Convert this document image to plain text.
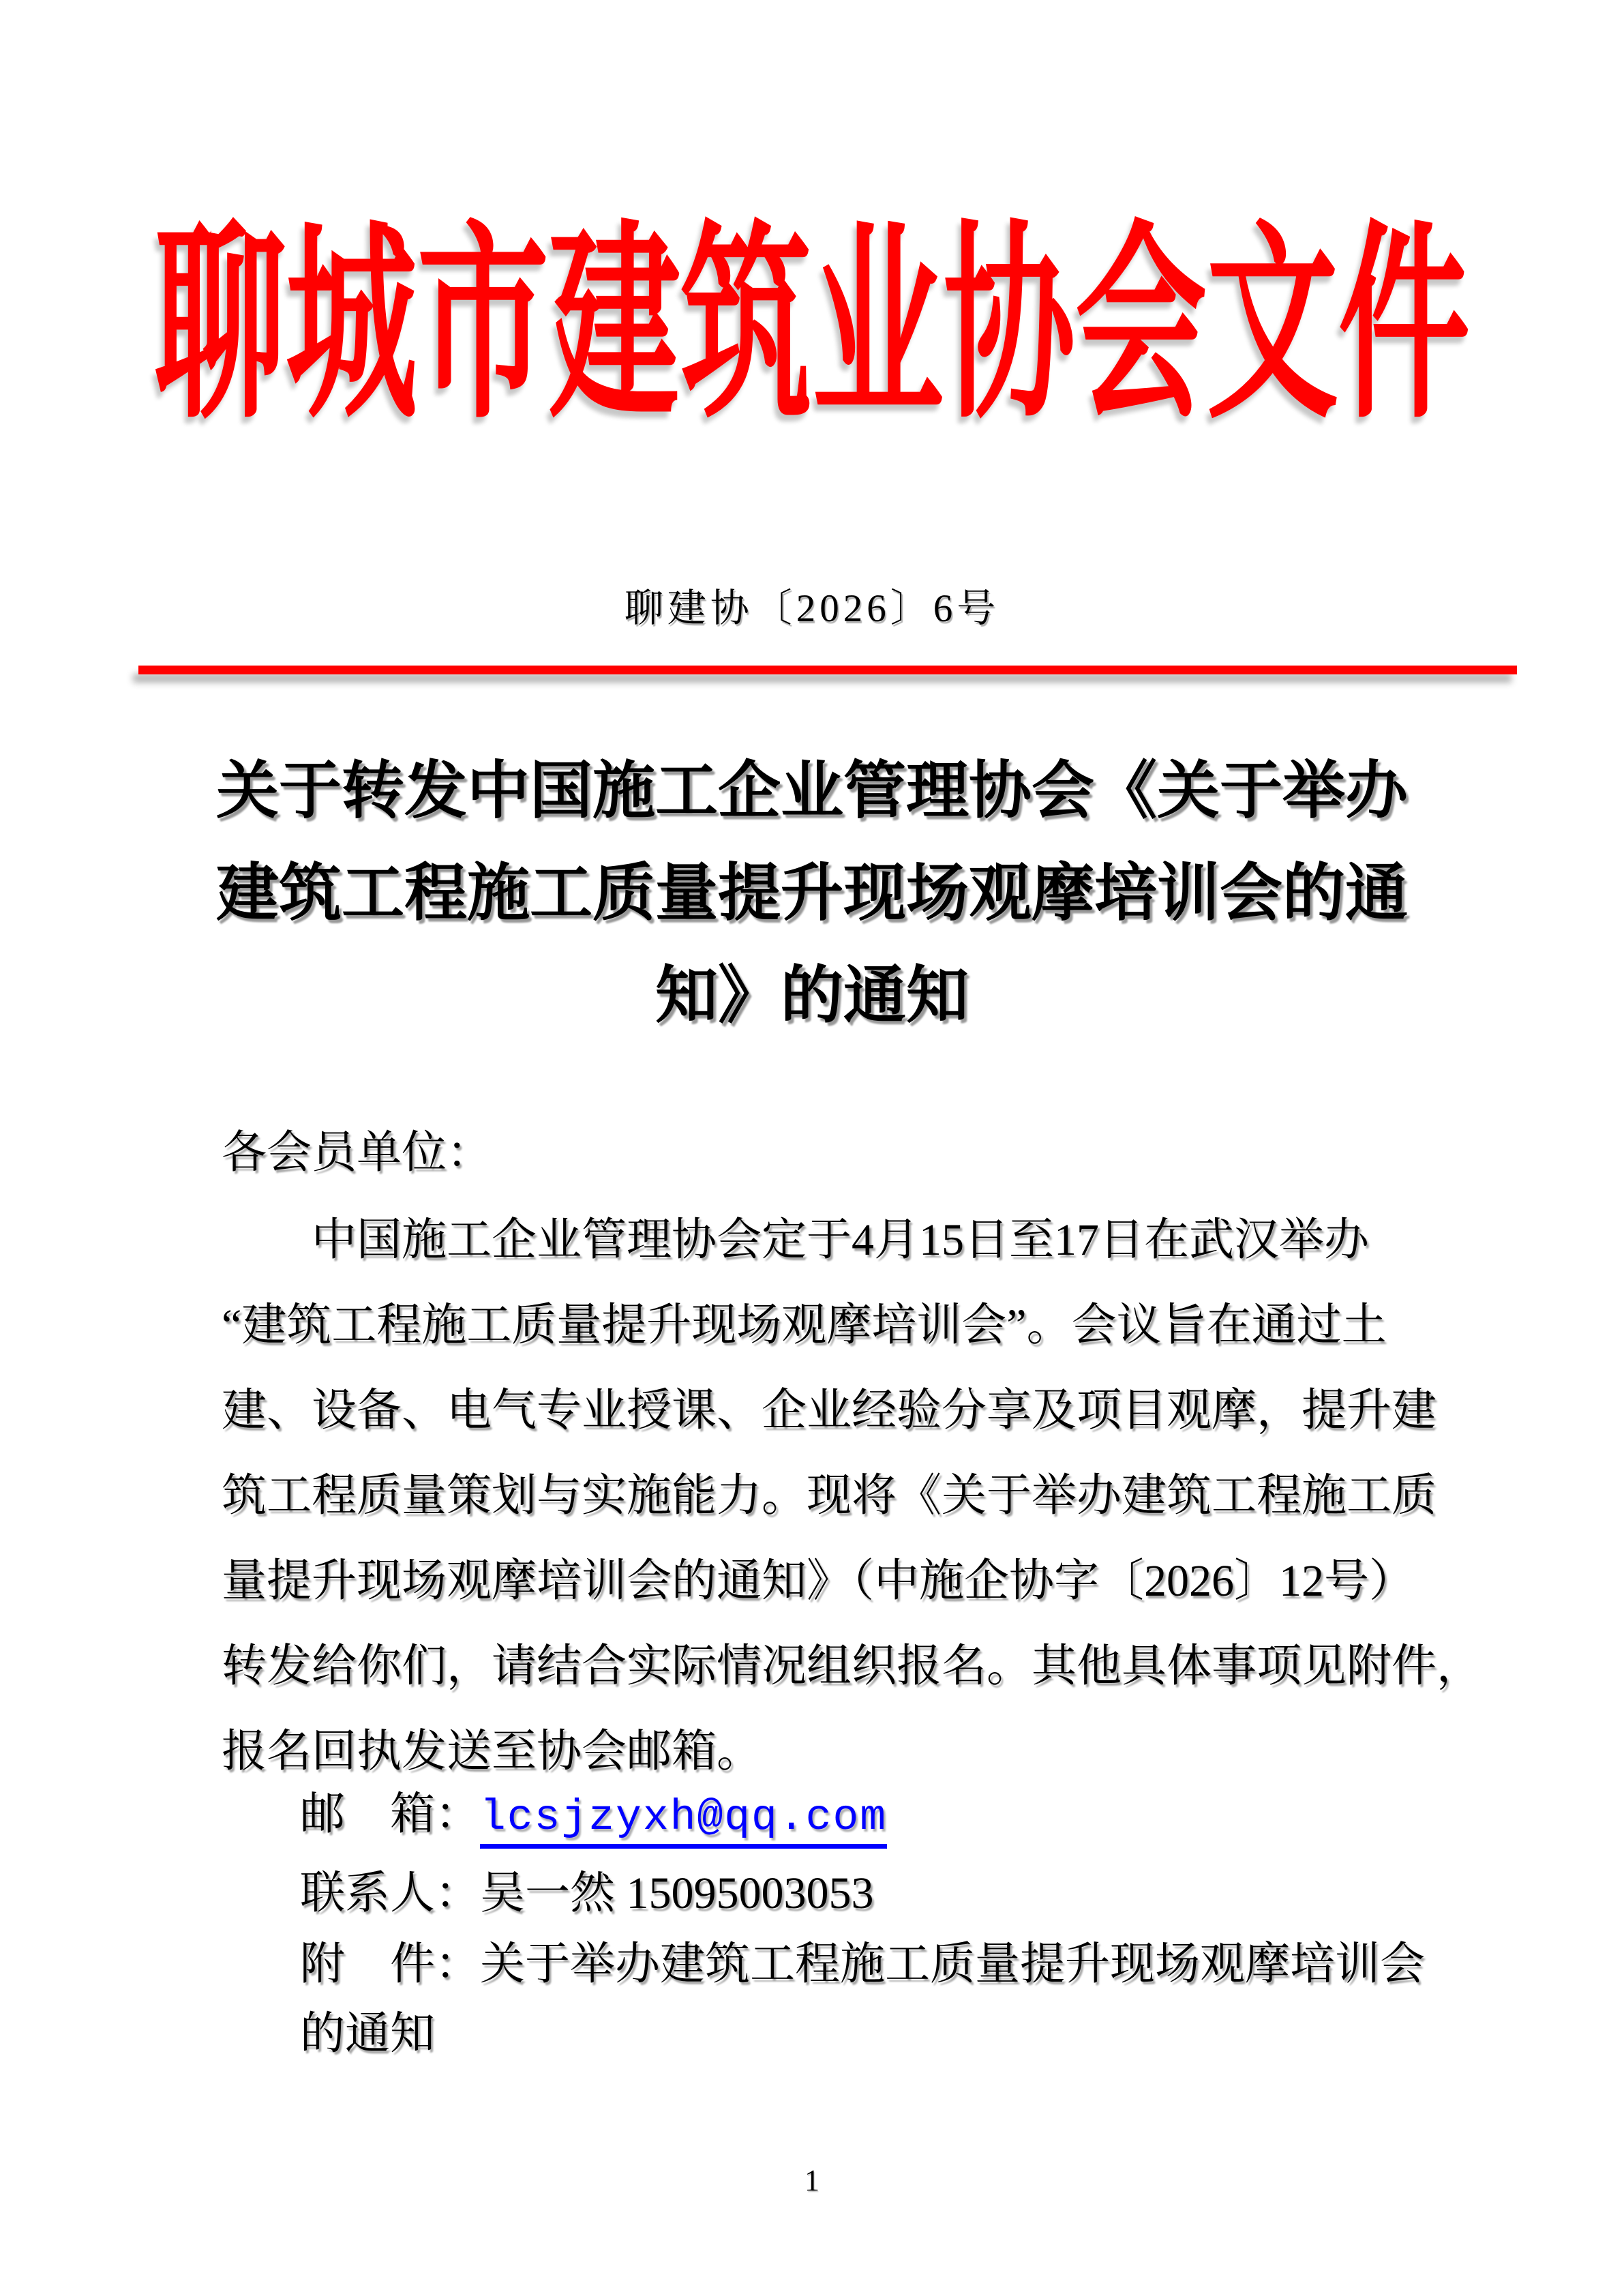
聊城市建筑业协会文件
聊建协〔2026〕6号
关于转发中国施工企业管理协会《关于举办
建筑工程施工质量提升现场观摩培训会的通
知》的通知
各会员单位：
中国施工企业管理协会定于4月15日至17日在武汉举办
“建筑工程施工质量提升现场观摩培训会”。会议旨在通过土
建、设备、电气专业授课、企业经验分享及项目观摩，提升建
筑工程质量策划与实施能力。现将《关于举办建筑工程施工质
量提升现场观摩培训会的通知》（中施企协字〔2026〕12号）
转发给你们，请结合实际情况组织报名。其他具体事项见附件，
报名回执发送至协会邮箱。
邮　箱：lcsjzyxh@qq.com
联系人：吴一然 15095003053
附　件：关于举办建筑工程施工质量提升现场观摩培训会
的通知
1
